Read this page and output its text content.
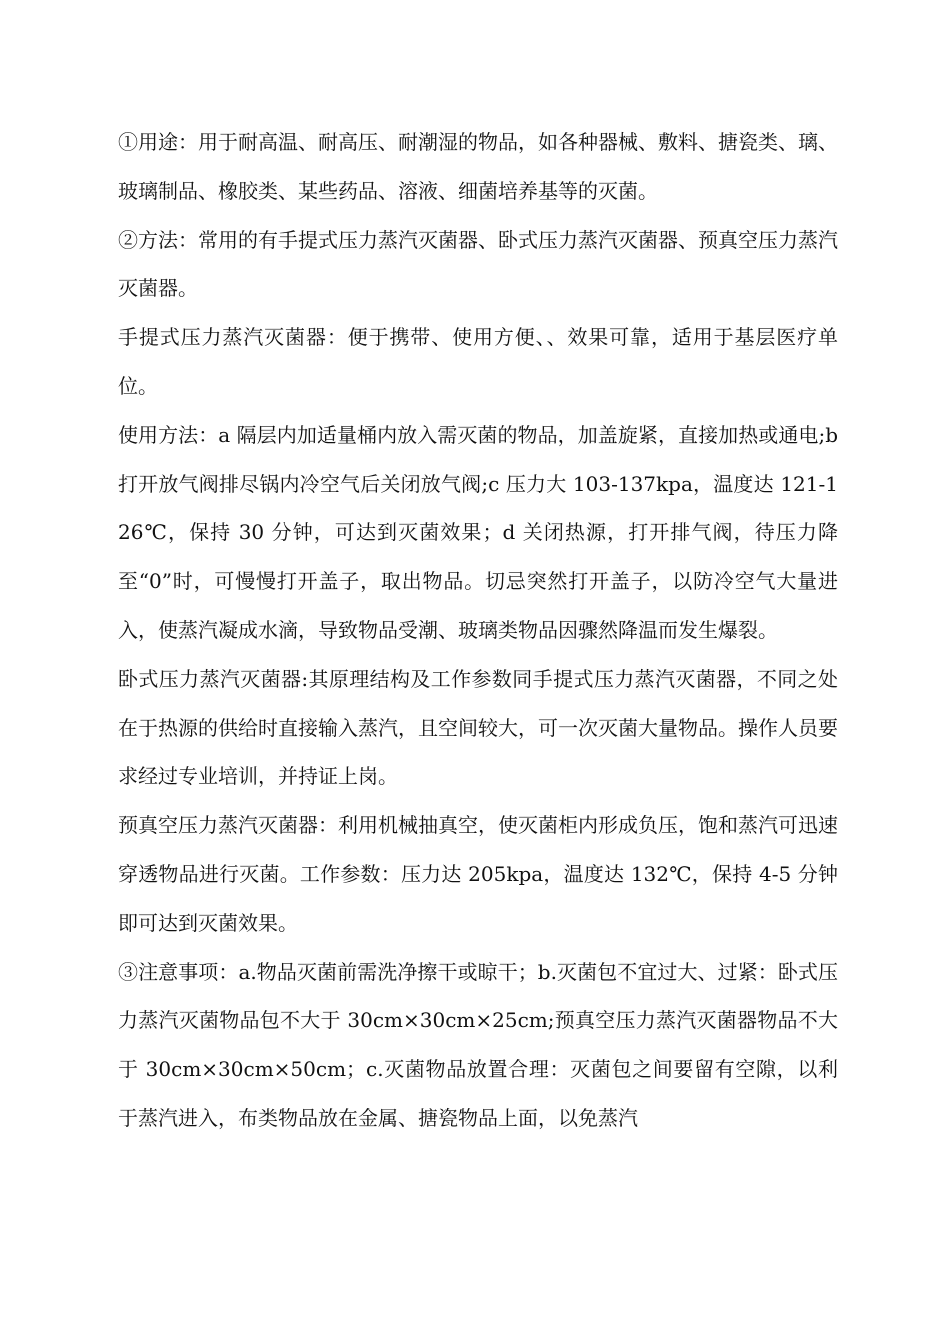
①用途：用于耐高温、耐高压、耐潮湿的物品，如各种器械、敷料、搪瓷类、璃、玻璃制品、橡胶类、某些药品、溶液、细菌培养基等的灭菌。

②方法：常用的有手提式压力蒸汽灭菌器、卧式压力蒸汽灭菌器、预真空压力蒸汽灭菌器。

手提式压力蒸汽灭菌器：便于携带、使用方便、、效果可靠，适用于基层医疗单位。

使用方法：a 隔层内加适量桶内放入需灭菌的物品，加盖旋紧，直接加热或通电;b 打开放气阀排尽锅内冷空气后关闭放气阀;c 压力大 103-137kpa，温度达 121-126℃，保持 30 分钟，可达到灭菌效果；d 关闭热源，打开排气阀，待压力降至“0”时，可慢慢打开盖子，取出物品。切忌突然打开盖子，以防冷空气大量进入，使蒸汽凝成水滴，导致物品受潮、玻璃类物品因骤然降温而发生爆裂。

卧式压力蒸汽灭菌器:其原理结构及工作参数同手提式压力蒸汽灭菌器，不同之处在于热源的供给时直接输入蒸汽，且空间较大，可一次灭菌大量物品。操作人员要求经过专业培训，并持证上岗。

预真空压力蒸汽灭菌器：利用机械抽真空，使灭菌柜内形成负压，饱和蒸汽可迅速穿透物品进行灭菌。工作参数：压力达 205kpa，温度达 132℃，保持 4-5 分钟即可达到灭菌效果。

③注意事项：a.物品灭菌前需洗净擦干或晾干；b.灭菌包不宜过大、过紧：卧式压力蒸汽灭菌物品包不大于 30cm×30cm×25cm;预真空压力蒸汽灭菌器物品不大于 30cm×30cm×50cm；c.灭菌物品放置合理：灭菌包之间要留有空隙，以利于蒸汽进入，布类物品放在金属、搪瓷物品上面，以免蒸汽
